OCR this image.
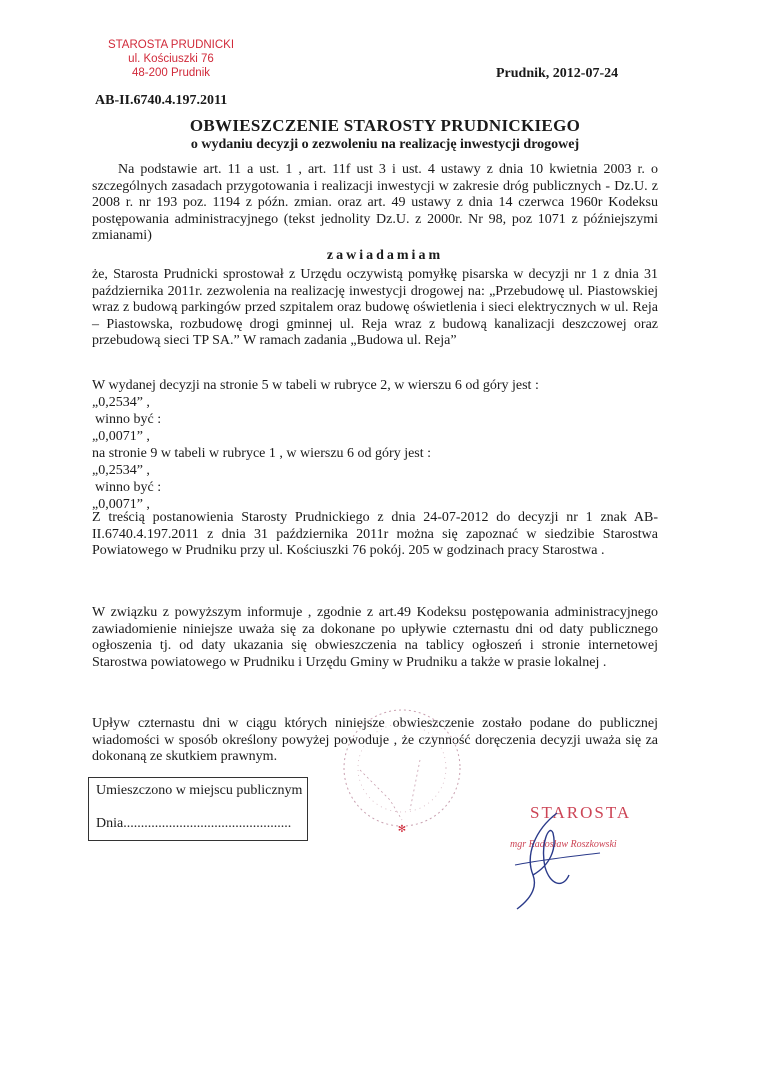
STAROSTA PRUDNICKI
ul. Kościuszki 76
48-200 Prudnik	Prudnik, 2012-07-24
AB-II.6740.4.197.2011
OBWIESZCZENIE STAROSTY PRUDNICKIEGO
o wydaniu decyzji o zezwoleniu na realizację inwestycji drogowej

Na podstawie art. 11 a ust. 1 , art. 11f ust 3 i ust. 4 ustawy z dnia 10 kwietnia 2003 r. o szczególnych zasadach przygotowania i realizacji inwestycji w zakresie dróg publicznych - Dz.U. z 2008 r. nr 193 poz. 1194 z późn. zmian. oraz art. 49 ustawy z dnia 14 czerwca 1960r Kodeksu postępowania administracyjnego (tekst jednolity Dz.U. z 2000r. Nr 98, poz 1071 z późniejszymi zmianami)

zawiadamiam

że, Starosta Prudnicki sprostował z Urzędu oczywistą pomyłkę pisarska w decyzji nr 1 z dnia 31 października 2011r. zezwolenia na realizację inwestycji drogowej na: „Przebudowę ul. Piastowskiej wraz z budową parkingów przed szpitalem oraz budowę oświetlenia i sieci elektrycznych w ul. Reja – Piastowska, rozbudowę drogi gminnej ul. Reja wraz z budową kanalizacji deszczowej oraz przebudową sieci TP SA.” W ramach zadania „Budowa ul. Reja”

W wydanej decyzji na stronie 5 w tabeli w rubryce 2, w wierszu 6 od góry jest :
„0,2534” ,
winno być :
„0,0071” ,
na stronie 9 w tabeli w rubryce 1 , w wierszu 6 od góry jest :
„0,2534” ,
winno być :
„0,0071” ,

Z treścią postanowienia Starosty Prudnickiego z dnia 24-07-2012 do decyzji nr 1 znak AB-II.6740.4.197.2011 z dnia 31 października 2011r można się zapoznać w siedzibie Starostwa Powiatowego w Prudniku przy ul. Kościuszki 76 pokój. 205 w godzinach pracy Starostwa .

W związku z powyższym informuje , zgodnie z art.49 Kodeksu postępowania administracyjnego zawiadomienie niniejsze uważa się za dokonane po upływie czternastu dni od daty publicznego ogłoszenia tj. od daty ukazania się obwieszczenia na tablicy ogłoszeń i stronie internetowej Starostwa powiatowego w Prudniku i Urzędu Gminy w Prudniku a także w prasie lokalnej .

Upływ czternastu dni w ciągu których niniejsze obwieszczenie zostało podane do publicznej wiadomości w sposób określony powyżej powoduje , że czynność doręczenia decyzji uważa się za dokonaną ze skutkiem prawnym.

Umieszczono w miejscu publicznym
Dnia................................................	✻
STAROSTA
mgr Radosław Roszkowski
